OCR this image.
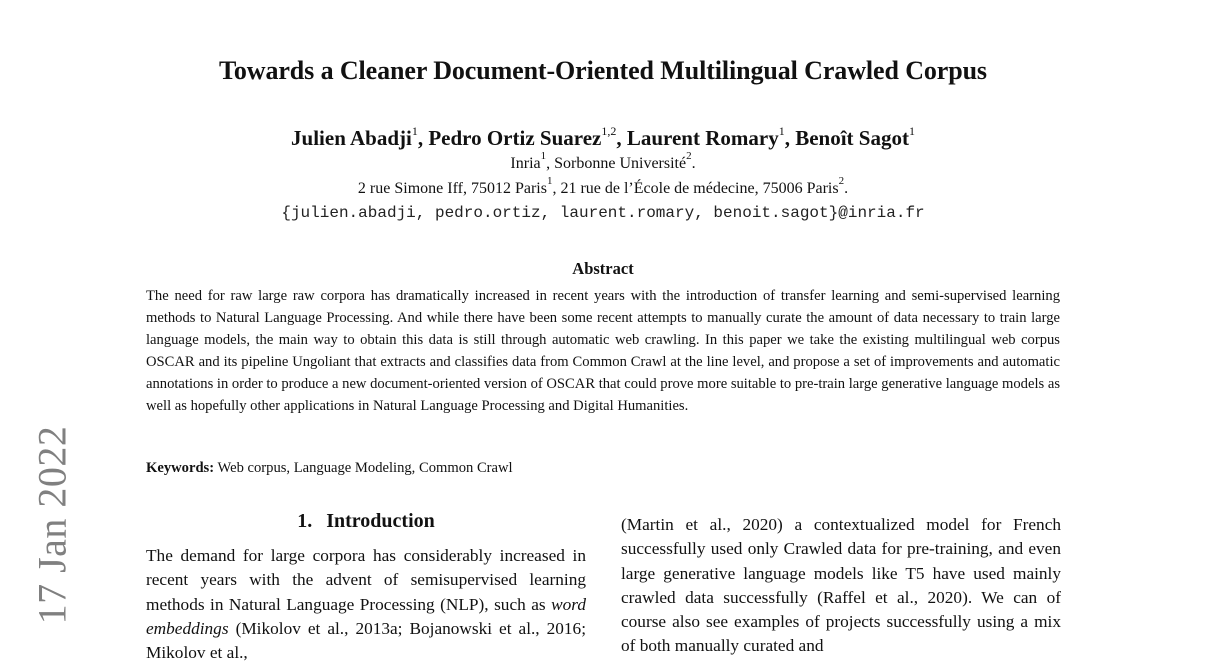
17 Jan 2022
Towards a Cleaner Document-Oriented Multilingual Crawled Corpus
Julien Abadji$^1$, Pedro Ortiz Suarez$^{1,2}$, Laurent Romary$^1$, Benoît Sagot$^1$
Inria$^1$, Sorbonne Université$^2$.
2 rue Simone Iff, 75012 Paris$^1$, 21 rue de l’École de médecine, 75006 Paris$^2$.
{julien.abadji, pedro.ortiz, laurent.romary, benoit.sagot}@inria.fr
Abstract
The need for raw large raw corpora has dramatically increased in recent years with the introduction of transfer learning and semi-supervised learning methods to Natural Language Processing. And while there have been some recent attempts to manually curate the amount of data necessary to train large language models, the main way to obtain this data is still through automatic web crawling. In this paper we take the existing multilingual web corpus OSCAR and its pipeline Ungoliant that extracts and classifies data from Common Crawl at the line level, and propose a set of improvements and automatic annotations in order to produce a new document-oriented version of OSCAR that could prove more suitable to pre-train large generative language models as well as hopefully other applications in Natural Language Processing and Digital Humanities.
Keywords: Web corpus, Language Modeling, Common Crawl
1. Introduction
The demand for large corpora has considerably increased in recent years with the advent of semisupervised learning methods in Natural Language Processing (NLP), such as word embeddings (Mikolov et al., 2013a; Bojanowski et al., 2016; Mikolov et al.,
(Martin et al., 2020) a contextualized model for French successfully used only Crawled data for pre-training, and even large generative language models like T5 have used mainly crawled data successfully (Raffel et al., 2020). We can of course also see examples of projects successfully using a mix of both manually curated and
